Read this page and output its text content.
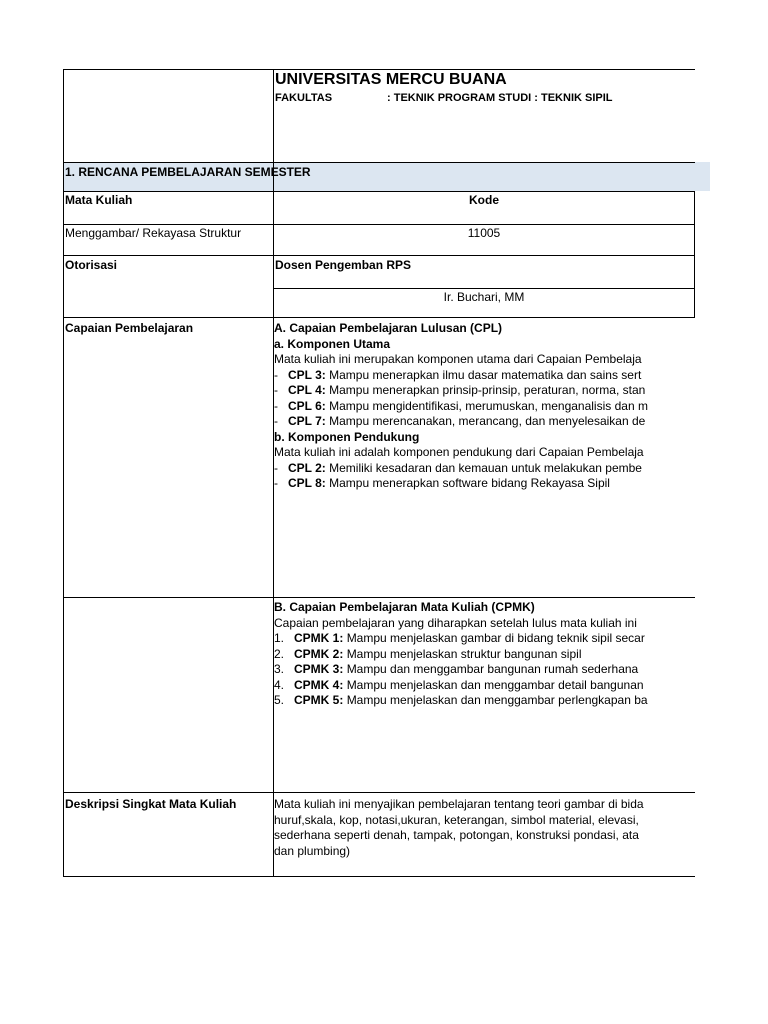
UNIVERSITAS MERCU BUANA
FAKULTAS	: TEKNIK PROGRAM STUDI : TEKNIK SIPIL
1. RENCANA PEMBELAJARAN SEMESTER
Mata Kuliah	Kode
Menggambar/ Rekayasa Struktur	11005
Otorisasi	Dosen Pengemban RPS
Ir. Buchari, MM
Capaian Pembelajaran	A. Capaian Pembelajaran Lulusan (CPL)
a. Komponen Utama
Mata kuliah ini merupakan komponen utama dari Capaian Pembelaja
- CPL 3: Mampu menerapkan ilmu dasar matematika dan sains sert
- CPL 4: Mampu menerapkan prinsip-prinsip, peraturan, norma, stan
- CPL 6: Mampu mengidentifikasi, merumuskan, menganalisis dan m
- CPL 7: Mampu merencanakan, merancang, dan menyelesaikan de
b. Komponen Pendukung
Mata kuliah ini adalah komponen pendukung dari Capaian Pembelaja
- CPL 2: Memiliki kesadaran dan kemauan untuk melakukan pembe
- CPL 8: Mampu menerapkan software bidang Rekayasa Sipil
B. Capaian Pembelajaran Mata Kuliah (CPMK)
Capaian pembelajaran yang diharapkan setelah lulus mata kuliah ini
1. CPMK 1: Mampu menjelaskan gambar di bidang teknik sipil secar
2. CPMK 2: Mampu menjelaskan struktur bangunan sipil
3. CPMK 3: Mampu dan menggambar bangunan rumah sederhana
4. CPMK 4: Mampu menjelaskan dan menggambar detail bangunan
5. CPMK 5: Mampu menjelaskan dan menggambar perlengkapan ba
Deskripsi Singkat Mata Kuliah	Mata kuliah ini menyajikan pembelajaran tentang teori gambar di bida
huruf,skala, kop, notasi,ukuran, keterangan, simbol material, elevasi,
sederhana seperti denah, tampak, potongan, konstruksi pondasi, ata
dan plumbing)
